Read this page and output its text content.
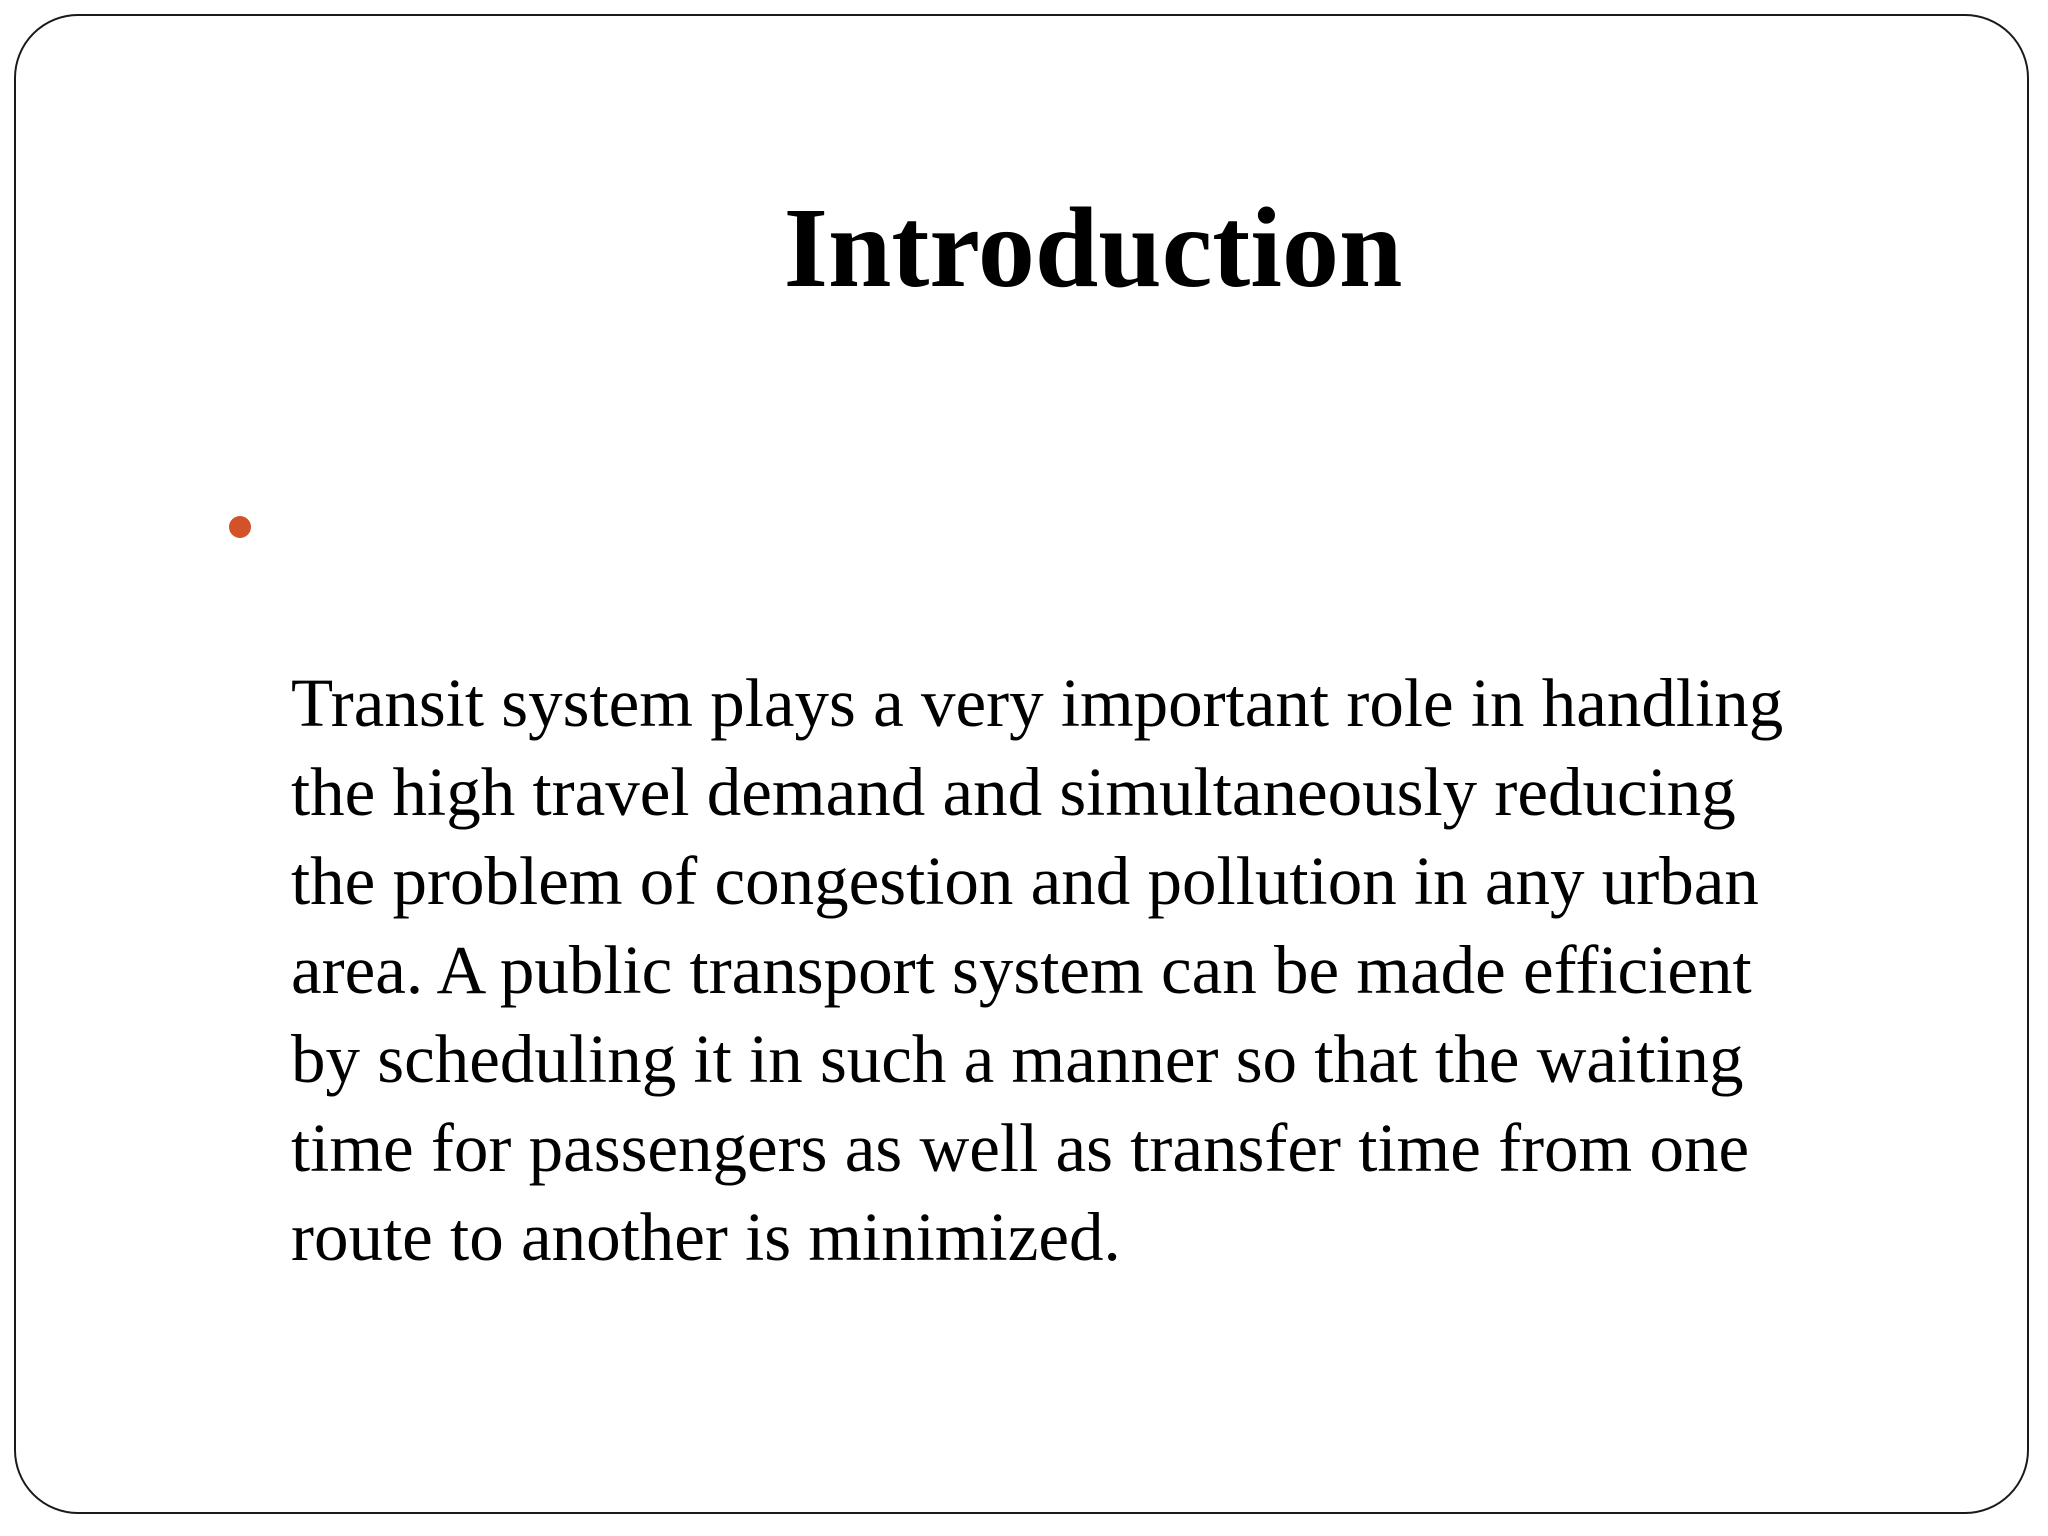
Introduction

Transit system plays a very important role in handling
the high travel demand and simultaneously reducing
the problem of congestion and pollution in any urban
area. A public transport system can be made efficient
by scheduling it in such a manner so that the waiting
time for passengers as well as transfer time from one
route to another is minimized.
